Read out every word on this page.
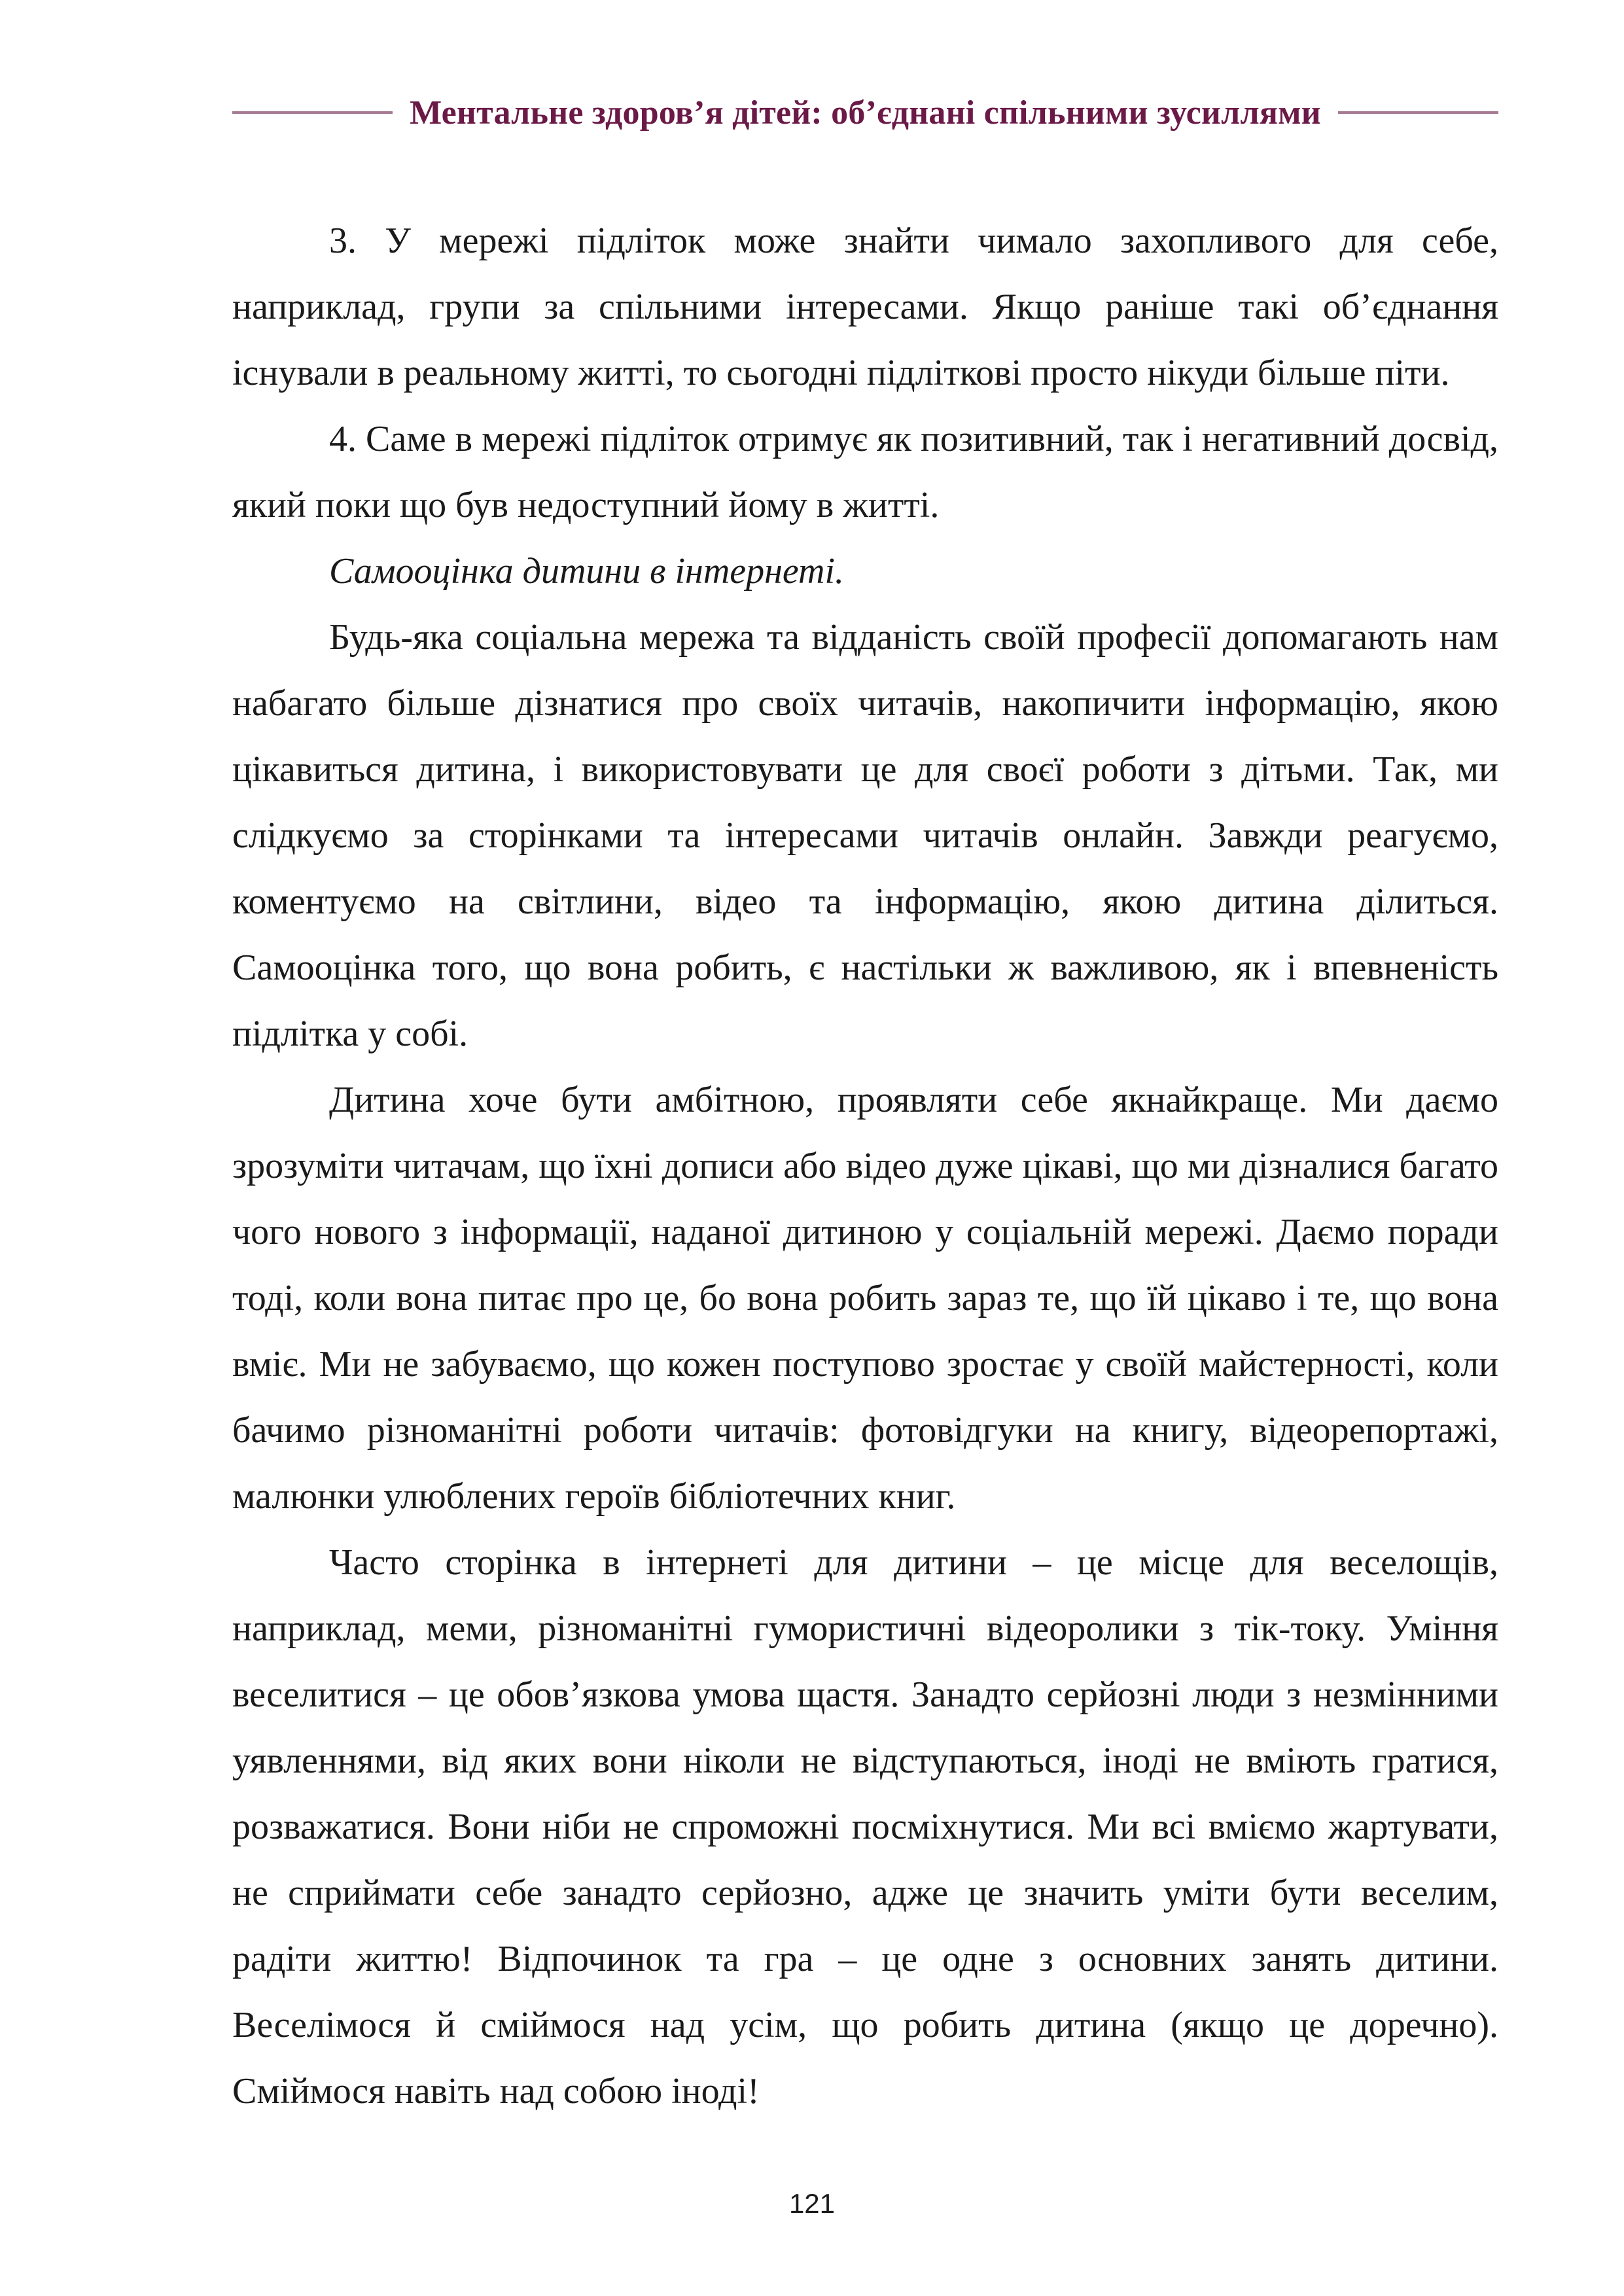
Ментальне здоров’я дітей: об’єднані спільними зусиллями

3. У мережі підліток може знайти чимало захопливого для себе, наприклад, групи за спільними інтересами. Якщо раніше такі об’єднання існували в реальному житті, то сьогодні підліткові просто нікуди більше піти.

4. Саме в мережі підліток отримує як позитивний, так і негативний досвід, який поки що був недоступний йому в житті.

Самооцінка дитини в інтернеті.

Будь-яка соціальна мережа та відданість своїй професії допомагають нам набагато більше дізнатися про своїх читачів, накопичити інформацію, якою цікавиться дитина, і використовувати це для своєї роботи з дітьми. Так, ми слідкуємо за сторінками та інтересами читачів онлайн. Завжди реагуємо, коментуємо на світлини, відео та інформацію, якою дитина ділиться. Самооцінка того, що вона робить, є настільки ж важливою, як і впевненість підлітка у собі.

Дитина хоче бути амбітною, проявляти себе якнайкраще. Ми даємо зрозуміти читачам, що їхні дописи або відео дуже цікаві, що ми дізналися багато чого нового з інформації, наданої дитиною у соціальній мережі. Даємо поради тоді, коли вона питає про це, бо вона робить зараз те, що їй цікаво і те, що вона вміє. Ми не забуваємо, що кожен поступово зростає у своїй майстерності, коли бачимо різноманітні роботи читачів: фотовідгуки на книгу, відеорепортажі, малюнки улюблених героїв бібліотечних книг.

Часто сторінка в інтернеті для дитини – це місце для веселощів, наприклад, меми, різноманітні гумористичні відеоролики з тік-току. Уміння веселитися – це обов’язкова умова щастя. Занадто серйозні люди з незмінними уявленнями, від яких вони ніколи не відступаються, іноді не вміють гратися, розважатися. Вони ніби не спроможні посміхнутися. Ми всі вміємо жартувати, не сприймати себе занадто серйозно, адже це значить уміти бути веселим, радіти життю! Відпочинок та гра – це одне з основних занять дитини. Веселімося й сміймося над усім, що робить дитина (якщо це доречно). Сміймося навіть над собою іноді!

121
